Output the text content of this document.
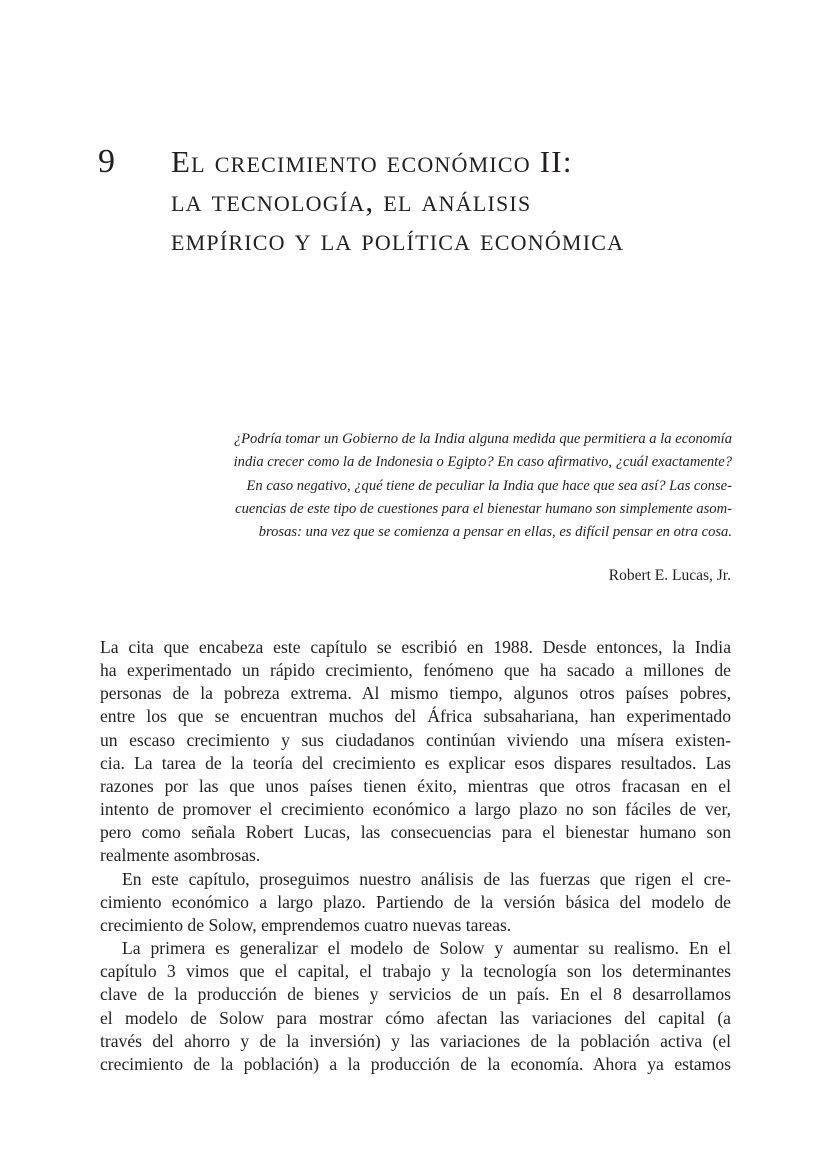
9 El crecimiento económico II:
la tecnología, el análisis
empírico y la política económica
¿Podría tomar un Gobierno de la India alguna medida que permitiera a la economía
india crecer como la de Indonesia o Egipto? En caso afirmativo, ¿cuál exactamente?
En caso negativo, ¿qué tiene de peculiar la India que hace que sea así? Las conse-
cuencias de este tipo de cuestiones para el bienestar humano son simplemente asom-
brosas: una vez que se comienza a pensar en ellas, es difícil pensar en otra cosa.
Robert E. Lucas, Jr.
La cita que encabeza este capítulo se escribió en 1988. Desde entonces, la India
ha experimentado un rápido crecimiento, fenómeno que ha sacado a millones de
personas de la pobreza extrema. Al mismo tiempo, algunos otros países pobres,
entre los que se encuentran muchos del África subsahariana, han experimentado
un escaso crecimiento y sus ciudadanos continúan viviendo una mísera existen-
cia. La tarea de la teoría del crecimiento es explicar esos dispares resultados. Las
razones por las que unos países tienen éxito, mientras que otros fracasan en el
intento de promover el crecimiento económico a largo plazo no son fáciles de ver,
pero como señala Robert Lucas, las consecuencias para el bienestar humano son
realmente asombrosas.
En este capítulo, proseguimos nuestro análisis de las fuerzas que rigen el cre-
cimiento económico a largo plazo. Partiendo de la versión básica del modelo de
crecimiento de Solow, emprendemos cuatro nuevas tareas.
La primera es generalizar el modelo de Solow y aumentar su realismo. En el
capítulo 3 vimos que el capital, el trabajo y la tecnología son los determinantes
clave de la producción de bienes y servicios de un país. En el 8 desarrollamos
el modelo de Solow para mostrar cómo afectan las variaciones del capital (a
través del ahorro y de la inversión) y las variaciones de la población activa (el
crecimiento de la población) a la producción de la economía. Ahora ya estamos
